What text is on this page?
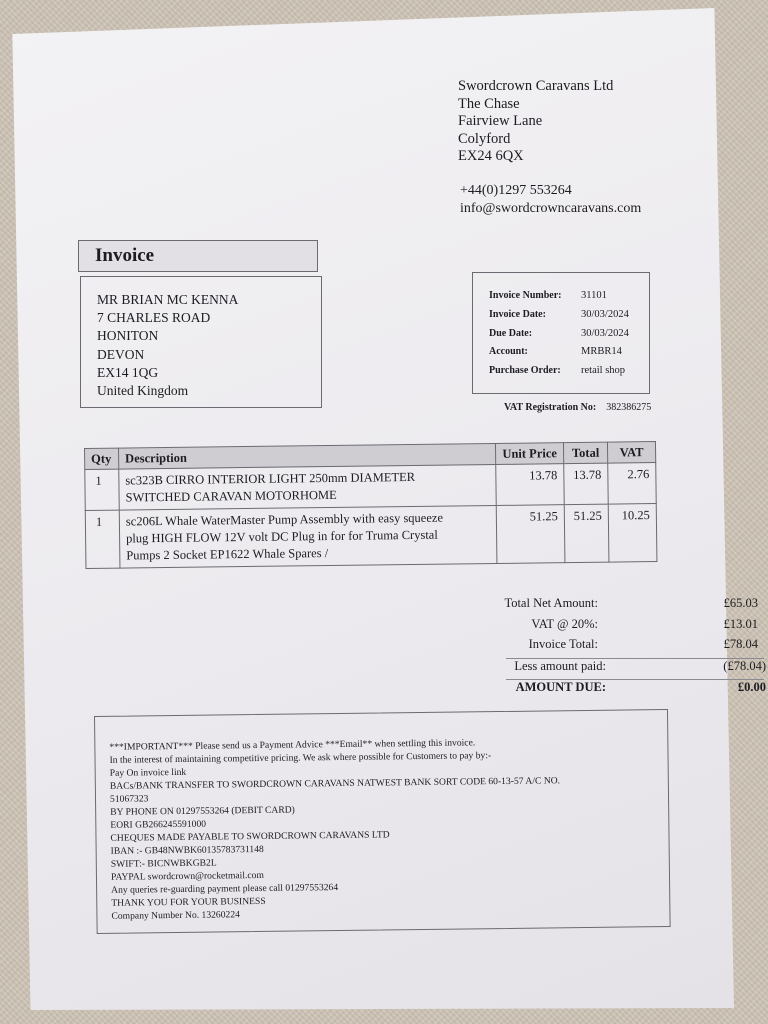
Swordcrown Caravans Ltd
The Chase
Fairview Lane
Colyford
EX24 6QX
+44(0)1297 553264
info@swordcrowncaravans.com
Invoice
MR BRIAN MC KENNA
7 CHARLES ROAD
HONITON
DEVON
EX14 1QG
United Kingdom
Invoice Number: 31101
Invoice Date:	30/03/2024
Due Date:	30/03/2024
Account:	MRBR14
Purchase Order: retail shop
VAT Registration No: 382386275
Qty	Description	Unit Price	Total	VAT
1	sc323B CIRRO INTERIOR LIGHT 250mm DIAMETER
SWITCHED CARAVAN MOTORHOME	13.78	13.78	2.76
1	sc206L Whale WaterMaster Pump Assembly with easy squeeze
plug HIGH FLOW 12V volt DC Plug in for for Truma Crystal
Pumps 2 Socket EP1622 Whale Spares /	51.25	51.25	10.25
Total Net Amount:	£65.03
VAT @ 20%:	£13.01
Invoice Total:	£78.04
Less amount paid:	(£78.04)
AMOUNT DUE:	£0.00
***IMPORTANT*** Please send us a Payment Advice ***Email** when settling this invoice.
In the interest of maintaining competitive pricing. We ask where possible for Customers to pay by:-
Pay On invoice link
BACs/BANK TRANSFER TO SWORDCROWN CARAVANS NATWEST BANK SORT CODE 60-13-57 A/C NO.
51067323
BY PHONE ON 01297553264 (DEBIT CARD)
EORI GB266245591000
CHEQUES MADE PAYABLE TO SWORDCROWN CARAVANS LTD
IBAN :- GB48NWBK60135783731148
SWIFT:- BICNWBKGB2L
PAYPAL swordcrown@rocketmail.com
Any queries re-guarding payment please call 01297553264
THANK YOU FOR YOUR BUSINESS
Company Number No. 13260224
